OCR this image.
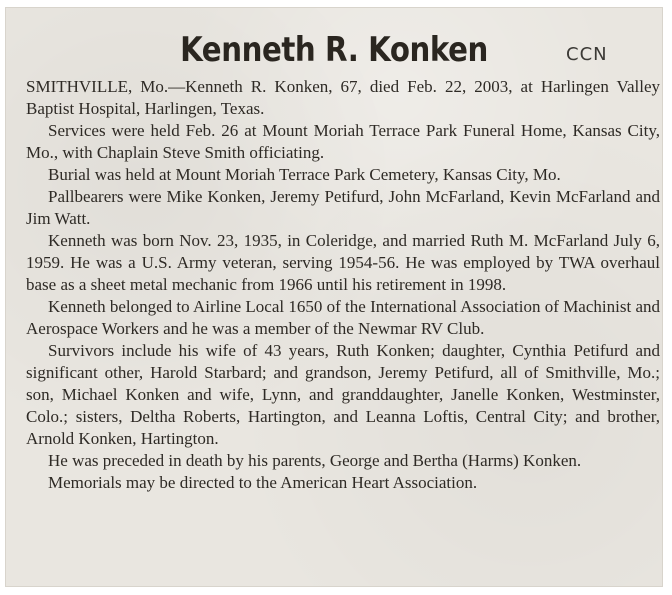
Kenneth R. Konken	CCN

SMITHVILLE, Mo.—Kenneth R. Konken, 67, died Feb. 22, 2003, at Harlingen Valley Baptist Hospital, Harlingen, Texas.

Services were held Feb. 26 at Mount Moriah Terrace Park Funeral Home, Kansas City, Mo., with Chaplain Steve Smith officiating.

Burial was held at Mount Moriah Terrace Park Cemetery, Kansas City, Mo.

Pallbearers were Mike Konken, Jeremy Petifurd, John McFarland, Kevin McFarland and Jim Watt.

Kenneth was born Nov. 23, 1935, in Coleridge, and married Ruth M. McFarland July 6, 1959. He was a U.S. Army veteran, serving 1954-56. He was employed by TWA overhaul base as a sheet metal mechanic from 1966 until his retirement in 1998.

Kenneth belonged to Airline Local 1650 of the International Association of Machinist and Aerospace Workers and he was a member of the Newmar RV Club.

Survivors include his wife of 43 years, Ruth Konken; daughter, Cynthia Petifurd and significant other, Harold Starbard; and grandson, Jeremy Petifurd, all of Smithville, Mo.; son, Michael Konken and wife, Lynn, and granddaughter, Janelle Konken, Westminster, Colo.; sisters, Deltha Roberts, Hartington, and Leanna Loftis, Central City; and brother, Arnold Konken, Hartington.

He was preceded in death by his parents, George and Bertha (Harms) Konken.

Memorials may be directed to the American Heart Association.
